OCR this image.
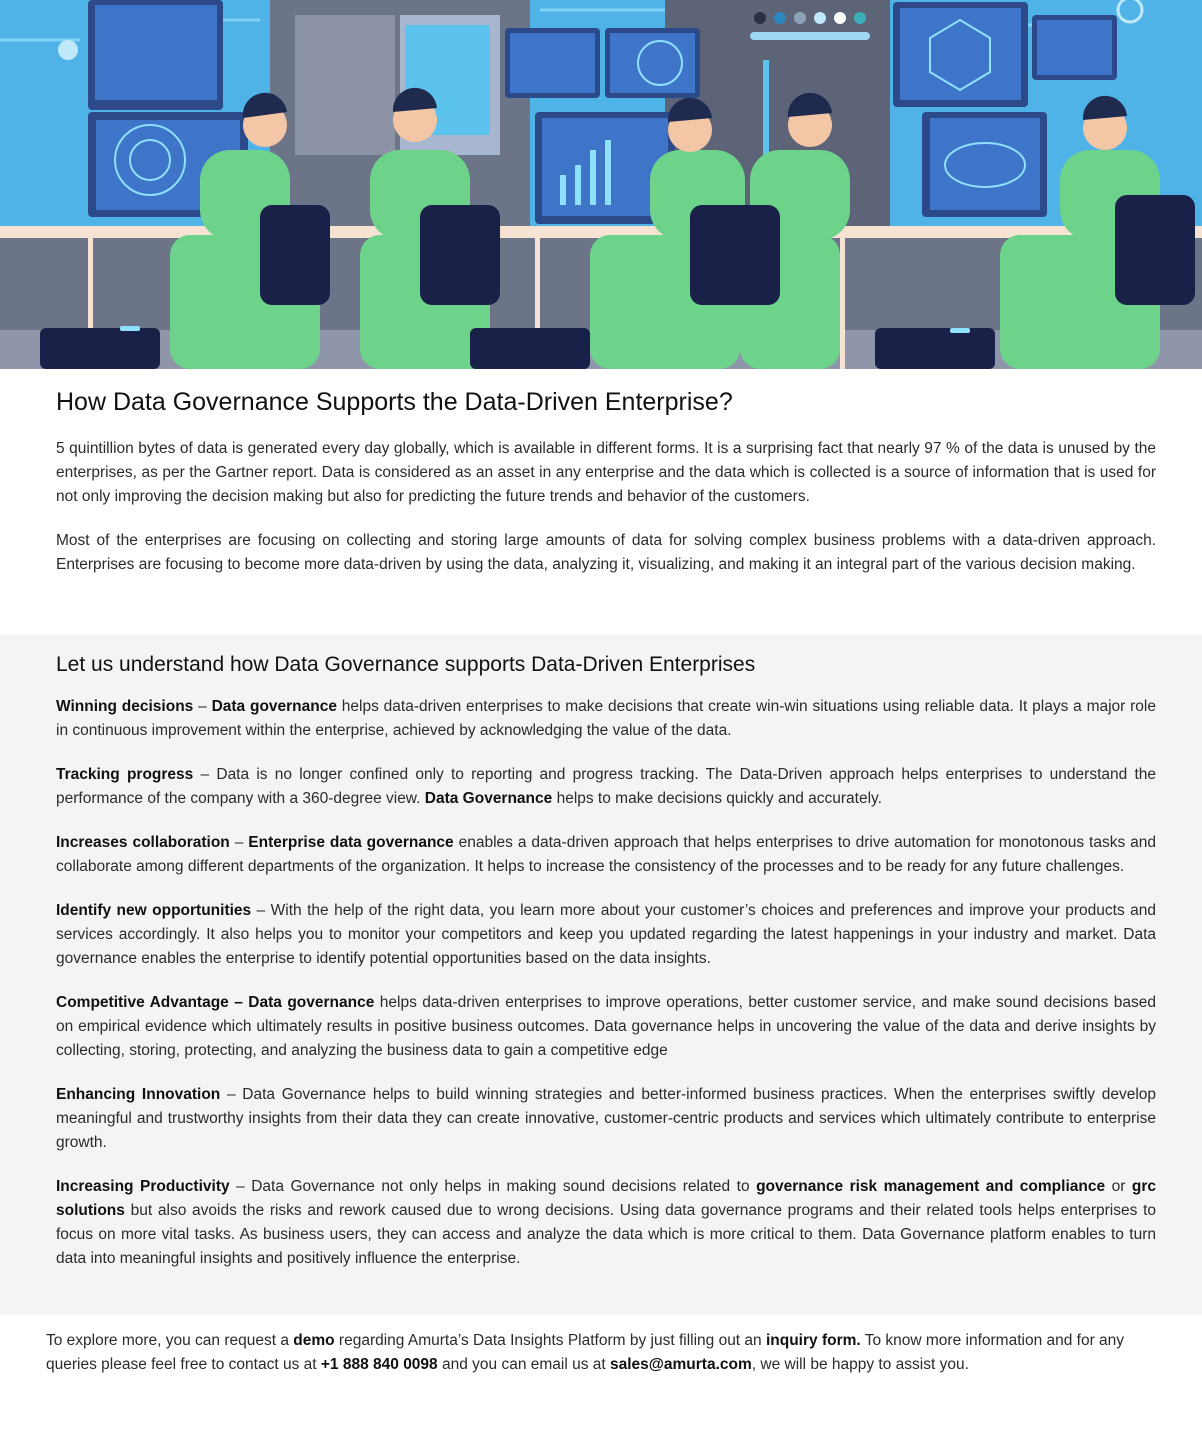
How Data Governance Supports the Data-Driven Enterprise?

5 quintillion bytes of data is generated every day globally, which is available in different forms. It is a surprising fact that nearly 97 % of the data is unused by the enterprises, as per the Gartner report. Data is considered as an asset in any enterprise and the data which is collected is a source of information that is used for not only improving the decision making but also for predicting the future trends and behavior of the customers.

Most of the enterprises are focusing on collecting and storing large amounts of data for solving complex business problems with a data-driven approach. Enterprises are focusing to become more data-driven by using the data, analyzing it, visualizing, and making it an integral part of the various decision making.

Let us understand how Data Governance supports Data-Driven Enterprises

Winning decisions – Data governance helps data-driven enterprises to make decisions that create win-win situations using reliable data. It plays a major role in continuous improvement within the enterprise, achieved by acknowledging the value of the data.

Tracking progress – Data is no longer confined only to reporting and progress tracking. The Data-Driven approach helps enterprises to understand the performance of the company with a 360-degree view. Data Governance helps to make decisions quickly and accurately.

Increases collaboration – Enterprise data governance enables a data-driven approach that helps enterprises to drive automation for monotonous tasks and collaborate among different departments of the organization. It helps to increase the consistency of the processes and to be ready for any future challenges.

Identify new opportunities – With the help of the right data, you learn more about your customer’s choices and preferences and improve your products and services accordingly. It also helps you to monitor your competitors and keep you updated regarding the latest happenings in your industry and market. Data governance enables the enterprise to identify potential opportunities based on the data insights.

Competitive Advantage – Data governance helps data-driven enterprises to improve operations, better customer service, and make sound decisions based on empirical evidence which ultimately results in positive business outcomes. Data governance helps in uncovering the value of the data and derive insights by collecting, storing, protecting, and analyzing the business data to gain a competitive edge

Enhancing Innovation – Data Governance helps to build winning strategies and better-informed business practices. When the enterprises swiftly develop meaningful and trustworthy insights from their data they can create innovative, customer-centric products and services which ultimately contribute to enterprise growth.

Increasing Productivity – Data Governance not only helps in making sound decisions related to governance risk management and compliance or grc solutions but also avoids the risks and rework caused due to wrong decisions. Using data governance programs and their related tools helps enterprises to focus on more vital tasks. As business users, they can access and analyze the data which is more critical to them. Data Governance platform enables to turn data into meaningful insights and positively influence the enterprise.

To explore more, you can request a demo regarding Amurta’s Data Insights Platform by just filling out an inquiry form. To know more information and for any queries please feel free to contact us at +1 888 840 0098 and you can email us at sales@amurta.com, we will be happy to assist you.
